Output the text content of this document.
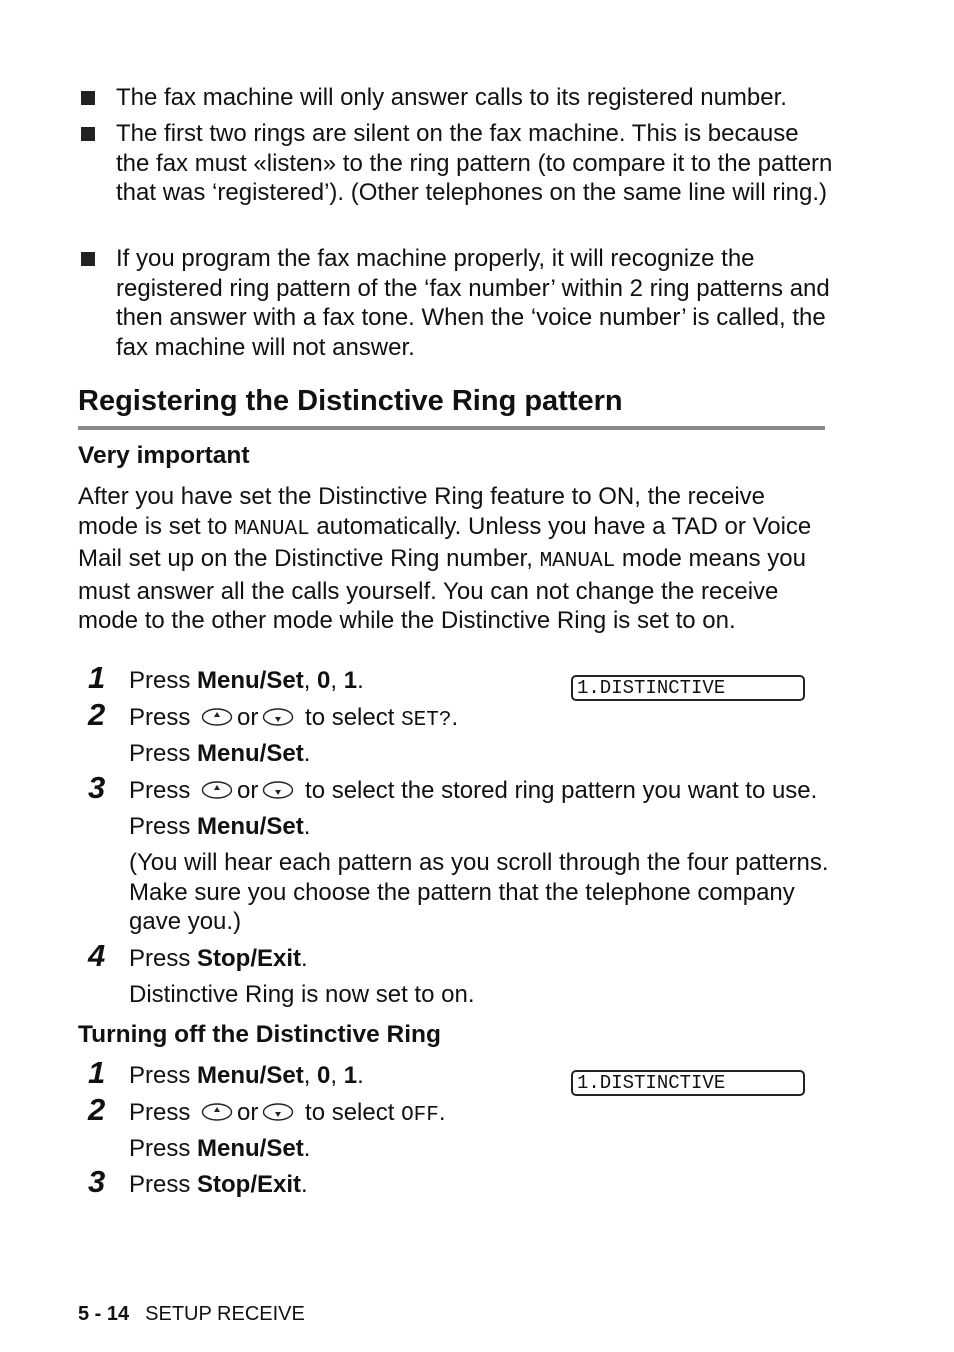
The fax machine will only answer calls to its registered number.
The first two rings are silent on the fax machine. This is because the fax must «listen» to the ring pattern (to compare it to the pattern that was ‘registered’). (Other telephones on the same line will ring.)
If you program the fax machine properly, it will recognize the registered ring pattern of the ‘fax number’ within 2 ring patterns and then answer with a fax tone. When the ‘voice number’ is called, the fax machine will not answer.
Registering the Distinctive Ring pattern
Very important
After you have set the Distinctive Ring feature to ON, the receive mode is set to MANUAL automatically. Unless you have a TAD or Voice Mail set up on the Distinctive Ring number, MANUAL mode means you must answer all the calls yourself. You can not change the receive mode to the other mode while the Distinctive Ring is set to on.
1 Press Menu/Set, 0, 1.	1.DISTINCTIVE
2 Press or to select SET?.
Press Menu/Set.
3 Press or to select the stored ring pattern you want to use.
Press Menu/Set.
(You will hear each pattern as you scroll through the four patterns. Make sure you choose the pattern that the telephone company gave you.)
4 Press Stop/Exit.
Distinctive Ring is now set to on.
Turning off the Distinctive Ring
1 Press Menu/Set, 0, 1.	1.DISTINCTIVE
2 Press or to select OFF.
Press Menu/Set.
3 Press Stop/Exit.
5 - 14 SETUP RECEIVE
